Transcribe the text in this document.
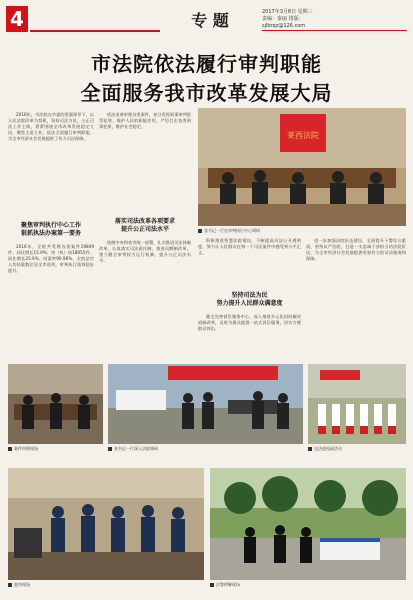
4	专 题	2017年3月8日 星期三
责编：秦丽 排版：
sjlbrqz@126.com
市法院依法履行审判职能
全面服务我市改革发展大局

2016年，市法院在市委的坚强领导下，以人民法院改革为契机，坚持司法为民，公正司法工作主线，紧紧围绕全市改革发展稳定大局，聚焦主责主业，依法全面履行审判职能，为全市经济社会发展提供了有力司法保障。

聚焦审判执行中心工作
狠抓执法办案第一要务

2016年，全院共受理各类案件19849件，同比增长15.9%；审（执）结18055件，同比增长25.9%。结案率90.96%。全院法官人均结案数位居全市前列，审判执行质效稳步提升。

依法妥善审理各类案件，充分发挥刑事审判惩罚犯罪、保护人民的职能作用，严厉打击各类刑事犯罪，维护社会稳定。

落实司法改革各项要求
提升公正司法水平

按照中央和省市统一部署，扎实推进司法体制改革，认真落实司法责任制，推进员额制改革，建立健全审判权力运行机制，提升公正司法水平。

莱西法院
张书记一行在审判执行中心调研

积极推进智慧法院建设，不断提高司法公开透明度，努力让人民群众在每一个司法案件中感受到公平正义。

坚持司法为民
努力提升人民群众满意度

健全完善诉讼服务中心，深入推进多元化纠纷解决机制改革，及时为群众提供一站式诉讼服务，切实方便群众诉讼。

进一步加强法院队伍建设，全面提升干警综合素质，坚持从严治院，打造一支忠诚干净担当的法院队伍，为全市经济社会发展提供更加有力的司法服务和保障。

案件审理现场	张书记一行深入法院调研	送法进校园活动
庭审现场	法警押解现场
